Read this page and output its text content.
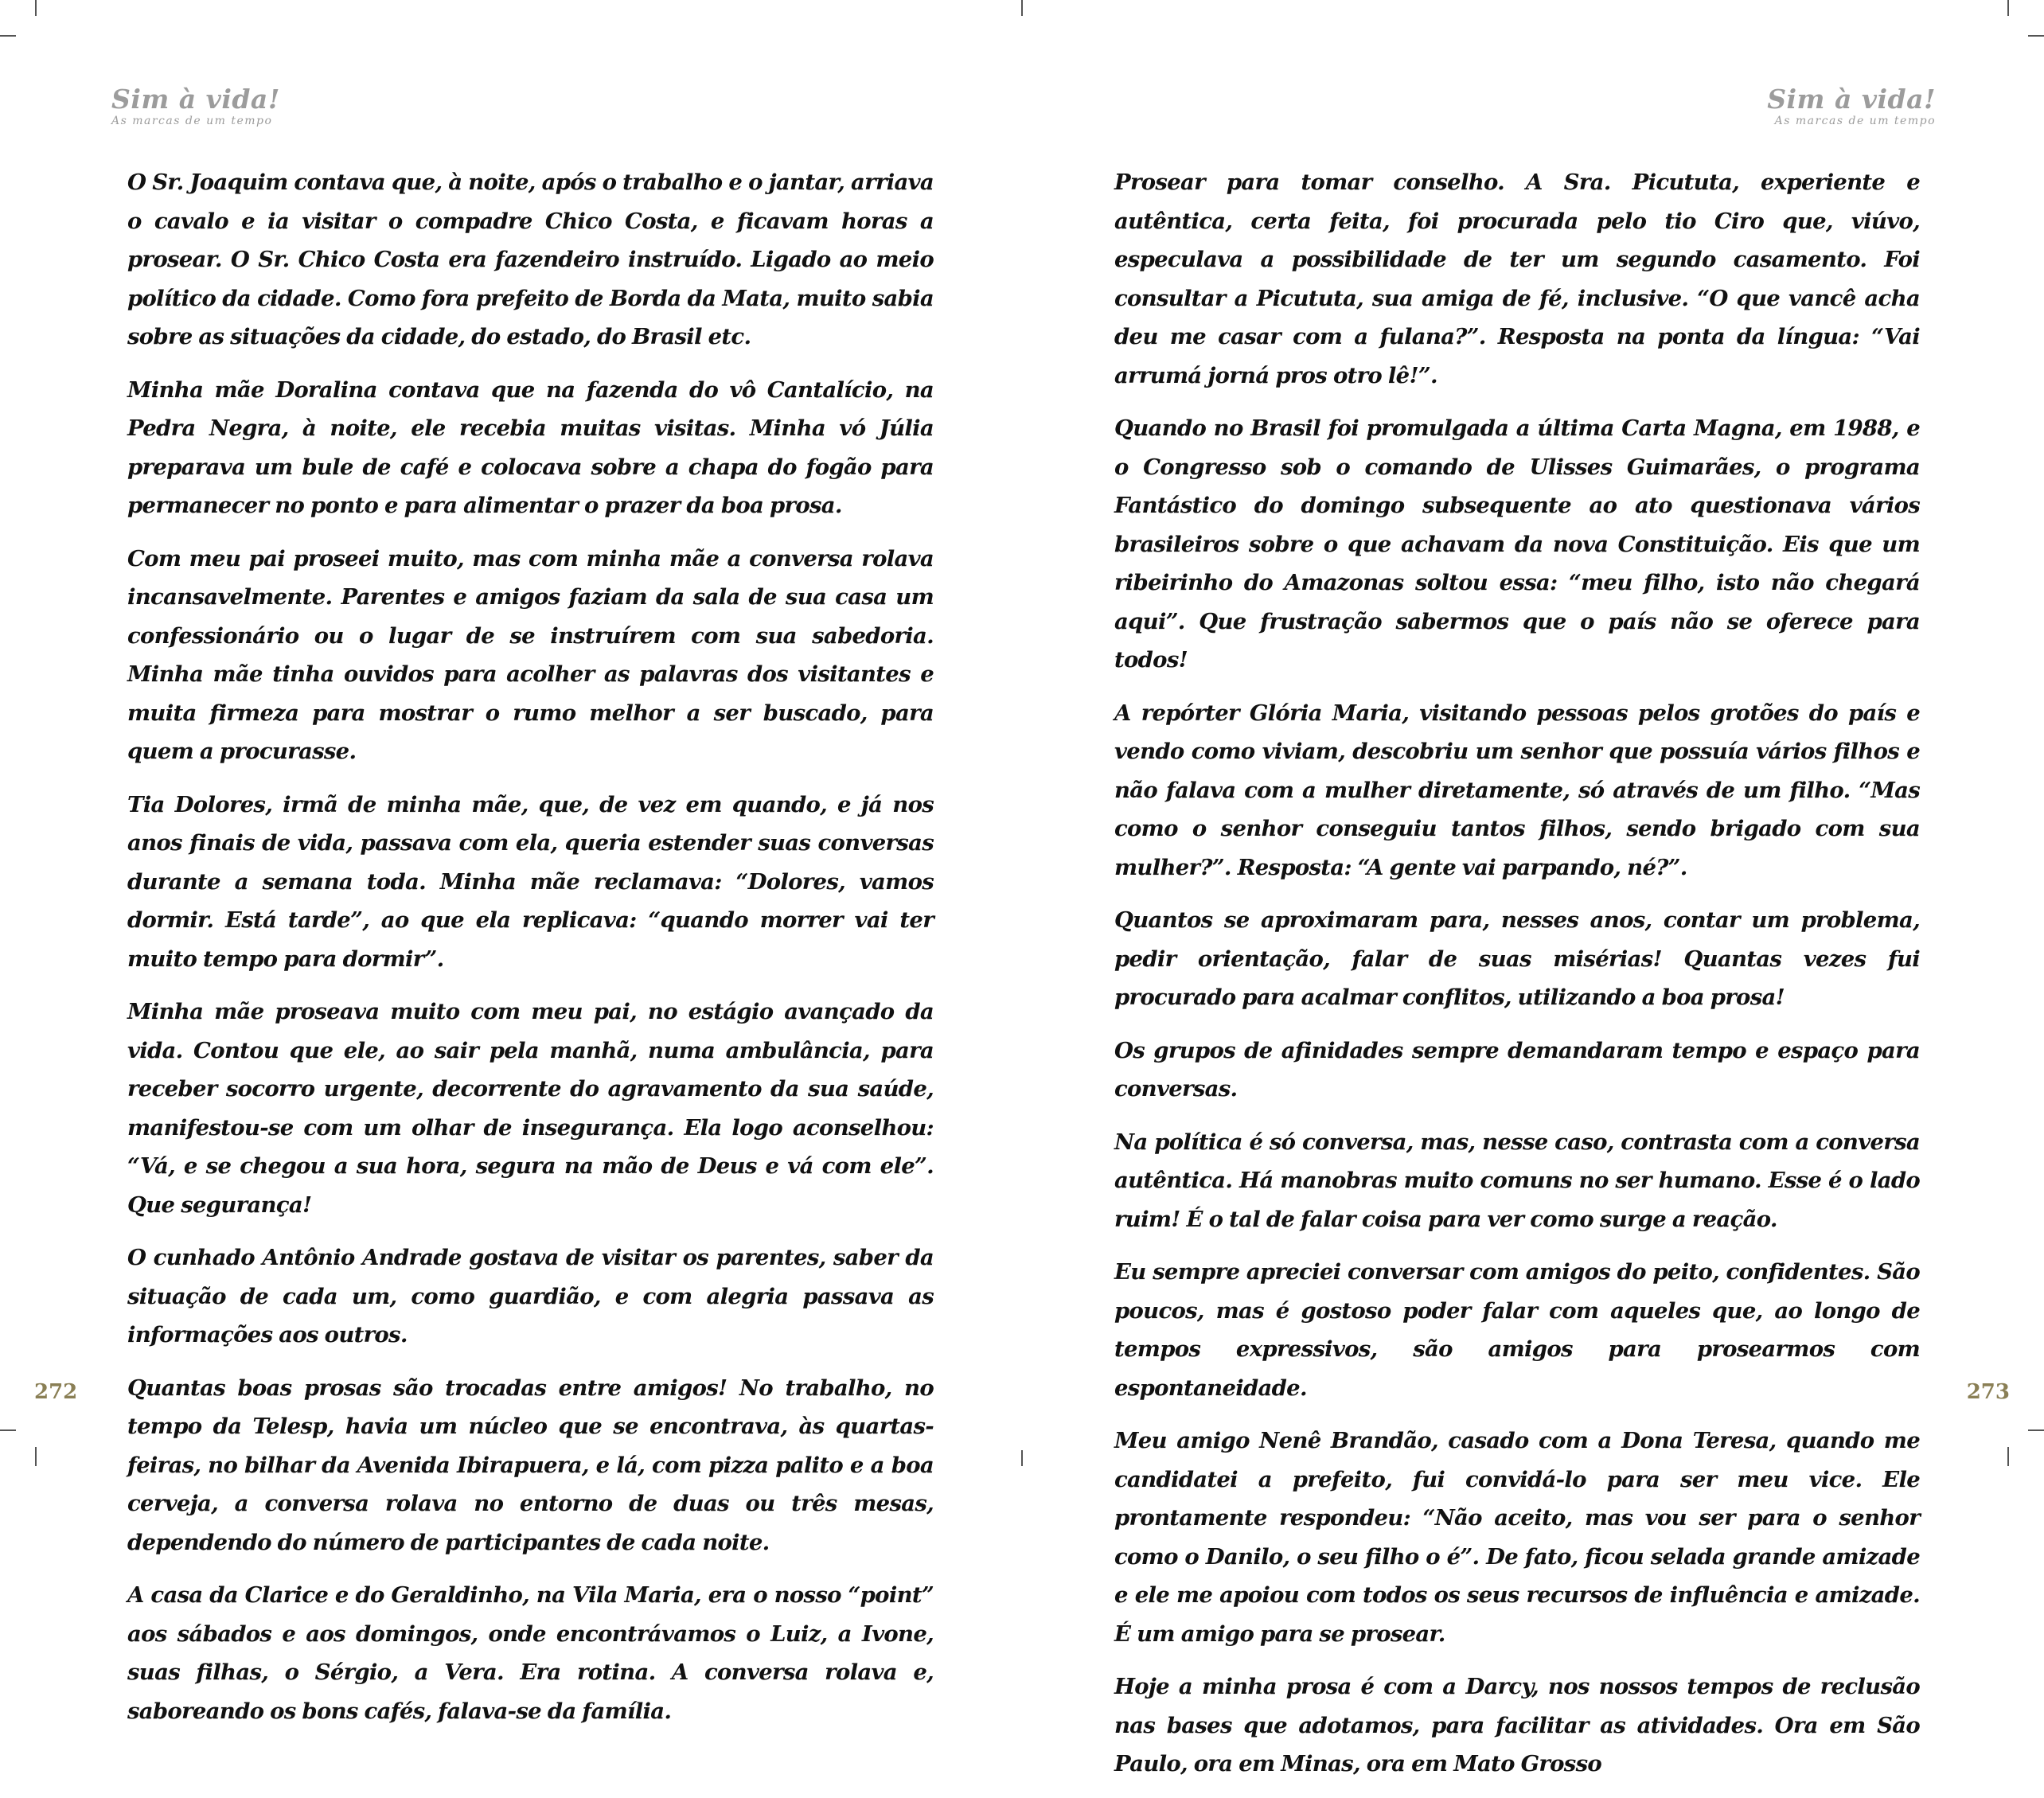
Sim à vida!
As marcas de um tempo

O Sr. Joaquim contava que, à noite, após o trabalho e o jantar, arriava o cavalo e ia visitar o compadre Chico Costa, e ficavam horas a prosear. O Sr. Chico Costa era fazendeiro instruído. Ligado ao meio político da cidade. Como fora prefeito de Borda da Mata, muito sabia sobre as situações da cidade, do estado, do Brasil etc.

Minha mãe Doralina contava que na fazenda do vô Cantalício, na Pedra Negra, à noite, ele recebia muitas visitas. Minha vó Júlia preparava um bule de café e colocava sobre a chapa do fogão para permanecer no ponto e para alimentar o prazer da boa prosa.

Com meu pai proseei muito, mas com minha mãe a conversa rolava incansavelmente. Parentes e amigos faziam da sala de sua casa um confessionário ou o lugar de se instruírem com sua sabedoria. Minha mãe tinha ouvidos para acolher as palavras dos visitantes e muita firmeza para mostrar o rumo melhor a ser buscado, para quem a procurasse.

Tia Dolores, irmã de minha mãe, que, de vez em quando, e já nos anos finais de vida, passava com ela, queria estender suas conversas durante a semana toda. Minha mãe reclamava: “Dolores, vamos dormir. Está tarde”, ao que ela replicava: “quando morrer vai ter muito tempo para dormir”.

Minha mãe proseava muito com meu pai, no estágio avançado da vida. Contou que ele, ao sair pela manhã, numa ambulância, para receber socorro urgente, decorrente do agravamento da sua saúde, manifestou-se com um olhar de insegurança. Ela logo aconselhou: “Vá, e se chegou a sua hora, segura na mão de Deus e vá com ele”. Que segurança!

O cunhado Antônio Andrade gostava de visitar os parentes, saber da situação de cada um, como guardião, e com alegria passava as informações aos outros.

Quantas boas prosas são trocadas entre amigos! No trabalho, no tempo da Telesp, havia um núcleo que se encontrava, às quartas-feiras, no bilhar da Avenida Ibirapuera, e lá, com pizza palito e a boa cerveja, a conversa rolava no entorno de duas ou três mesas, dependendo do número de participantes de cada noite.

A casa da Clarice e do Geraldinho, na Vila Maria, era o nosso “point” aos sábados e aos domingos, onde encontrávamos o Luiz, a Ivone, suas filhas, o Sérgio, a Vera. Era rotina. A conversa rolava e, saboreando os bons cafés, falava-se da família.

272
Sim à vida!
As marcas de um tempo

Prosear para tomar conselho. A Sra. Picututa, experiente e autêntica, certa feita, foi procurada pelo tio Ciro que, viúvo, especulava a possibilidade de ter um segundo casamento. Foi consultar a Picututa, sua amiga de fé, inclusive. “O que vancê acha deu me casar com a fulana?”. Resposta na ponta da língua: “Vai arrumá jorná pros otro lê!”.

Quando no Brasil foi promulgada a última Carta Magna, em 1988, e o Congresso sob o comando de Ulisses Guimarães, o programa Fantástico do domingo subsequente ao ato questionava vários brasileiros sobre o que achavam da nova Constituição. Eis que um ribeirinho do Amazonas soltou essa: “meu filho, isto não chegará aqui”. Que frustração sabermos que o país não se oferece para todos!

A repórter Glória Maria, visitando pessoas pelos grotões do país e vendo como viviam, descobriu um senhor que possuía vários filhos e não falava com a mulher diretamente, só através de um filho. “Mas como o senhor conseguiu tantos filhos, sendo brigado com sua mulher?”. Resposta: “A gente vai parpando, né?”.

Quantos se aproximaram para, nesses anos, contar um problema, pedir orientação, falar de suas misérias! Quantas vezes fui procurado para acalmar conflitos, utilizando a boa prosa!

Os grupos de afinidades sempre demandaram tempo e espaço para conversas.

Na política é só conversa, mas, nesse caso, contrasta com a conversa autêntica. Há manobras muito comuns no ser humano. Esse é o lado ruim! É o tal de falar coisa para ver como surge a reação.

Eu sempre apreciei conversar com amigos do peito, confidentes. São poucos, mas é gostoso poder falar com aqueles que, ao longo de tempos expressivos, são amigos para prosearmos com espontaneidade.

Meu amigo Nenê Brandão, casado com a Dona Teresa, quando me candidatei a prefeito, fui convidá-lo para ser meu vice. Ele prontamente respondeu: “Não aceito, mas vou ser para o senhor como o Danilo, o seu filho o é”. De fato, ficou selada grande amizade e ele me apoiou com todos os seus recursos de influência e amizade. É um amigo para se prosear.

Hoje a minha prosa é com a Darcy, nos nossos tempos de reclusão nas bases que adotamos, para facilitar as atividades. Ora em São Paulo, ora em Minas, ora em Mato Grosso

273
